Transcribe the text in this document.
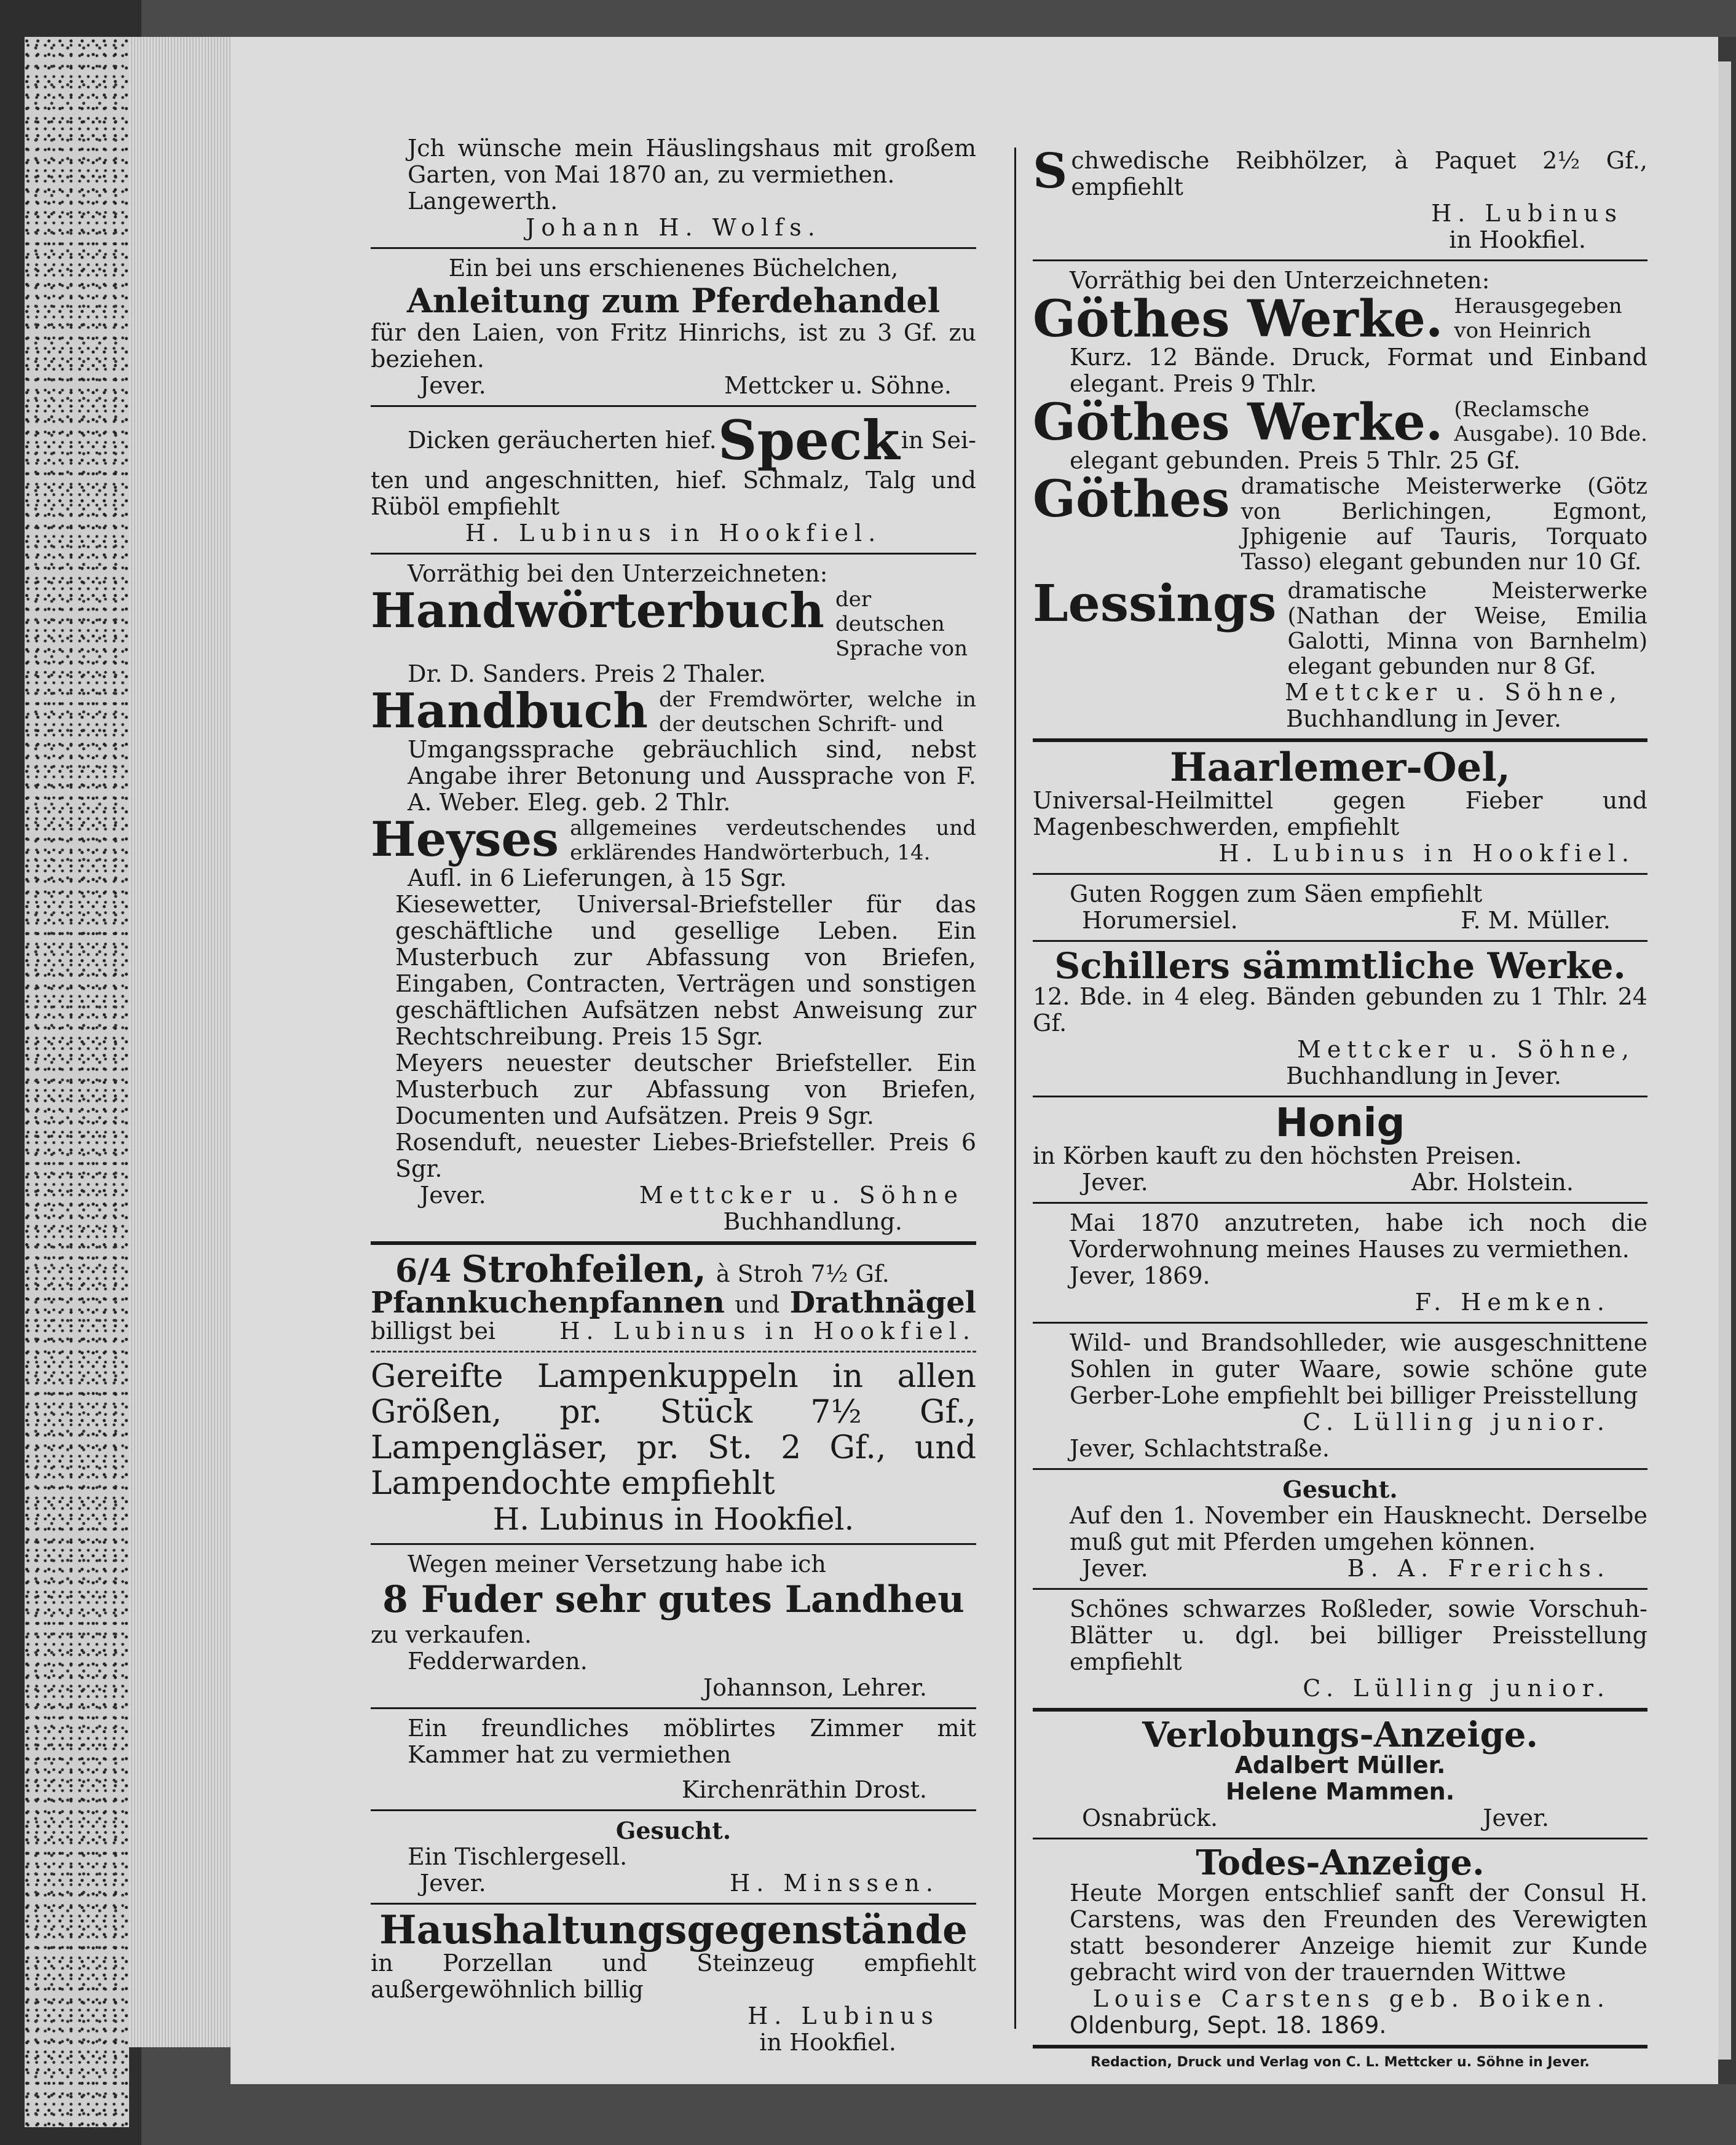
Jch wünsche mein Häuslingshaus mit großem Garten, von Mai 1870 an, zu vermiethen.
Langewerth.
Johann H. Wolfs.
Ein bei uns erschienenes Büchelchen,
Anleitung zum Pferdehandel
für den Laien, von Fritz Hinrichs, ist zu 3 Gf. zu beziehen.
Jever.	Mettcker u. Söhne.
Dicken geräucherten hief. Speck in Sei-
ten und angeschnitten, hief. Schmalz, Talg und Rüböl empfiehlt
H. Lubinus in Hookfiel.
Vorräthig bei den Unterzeichneten:
Handwörterbuch der deutschen Sprache von
Dr. D. Sanders. Preis 2 Thaler.
Handbuch der Fremdwörter, welche in der deutschen Schrift- und
Umgangssprache gebräuchlich sind, nebst Angabe ihrer Betonung und Aussprache von F. A. Weber. Eleg. geb. 2 Thlr.
Heyses allgemeines verdeutschendes und erklärendes Handwörterbuch, 14.
Aufl. in 6 Lieferungen, à 15 Sgr.
Kiesewetter, Universal-Briefsteller für das geschäftliche und gesellige Leben. Ein Musterbuch zur Abfassung von Briefen, Eingaben, Contracten, Verträgen und sonstigen geschäftlichen Aufsätzen nebst Anweisung zur Rechtschreibung. Preis 15 Sgr.
Meyers neuester deutscher Briefsteller. Ein Musterbuch zur Abfassung von Briefen, Documenten und Aufsätzen. Preis 9 Sgr.
Rosenduft, neuester Liebes-Briefsteller. Preis 6 Sgr.
Jever.	Mettcker u. Söhne
Buchhandlung.
6/4 Strohfeilen, à Stroh 7½ Gf.
Pfannkuchenpfannen und Drathnägel
billigst bei	H. Lubinus in Hookfiel.
Gereifte Lampenkuppeln in allen Größen, pr. Stück 7½ Gf., Lampengläser, pr. St. 2 Gf., und Lampendochte empfiehlt
H. Lubinus in Hookfiel.
Wegen meiner Versetzung habe ich
8 Fuder sehr gutes Landheu
zu verkaufen.
Fedderwarden.
Johannson, Lehrer.
Ein freundliches möblirtes Zimmer mit Kammer hat zu vermiethen
Kirchenräthin Drost.
Gesucht.
Ein Tischlergesell.
Jever.	H. Minssen.
Haushaltungsgegenstände
in Porzellan und Steinzeug empfiehlt außergewöhnlich billig
H. Lubinus
in Hookfiel.
S chwedische Reibhölzer, à Paquet 2½ Gf., empfiehlt
H. Lubinus
in Hookfiel.
Vorräthig bei den Unterzeichneten:
Göthes Werke. Herausgegeben von Heinrich
Kurz. 12 Bände. Druck, Format und Einband elegant. Preis 9 Thlr.
Göthes Werke. (Reclamsche Ausgabe). 10 Bde.
elegant gebunden. Preis 5 Thlr. 25 Gf.
Göthes dramatische Meisterwerke (Götz von Berlichingen, Egmont, Jphigenie auf Tauris, Torquato Tasso) elegant gebunden nur 10 Gf.
Lessings dramatische Meisterwerke (Nathan der Weise, Emilia Galotti, Minna von Barnhelm) elegant gebunden nur 8 Gf.
Mettcker u. Söhne,
Buchhandlung in Jever.
Haarlemer-Oel,
Universal-Heilmittel gegen Fieber und Magenbeschwerden, empfiehlt
H. Lubinus in Hookfiel.
Guten Roggen zum Säen empfiehlt
Horumersiel.	F. M. Müller.
Schillers sämmtliche Werke.
12. Bde. in 4 eleg. Bänden gebunden zu 1 Thlr. 24 Gf.
Mettcker u. Söhne,
Buchhandlung in Jever.
Honig
in Körben kauft zu den höchsten Preisen.
Jever.	Abr. Holstein.
Mai 1870 anzutreten, habe ich noch die Vorderwohnung meines Hauses zu vermiethen.
Jever, 1869.
F. Hemken.
Wild- und Brandsohlleder, wie ausgeschnittene Sohlen in guter Waare, sowie schöne gute Gerber-Lohe empfiehlt bei billiger Preisstellung
C. Lülling junior.
Jever, Schlachtstraße.
Gesucht.
Auf den 1. November ein Hausknecht. Derselbe muß gut mit Pferden umgehen können.
Jever.	B. A. Frerichs.
Schönes schwarzes Roßleder, sowie Vorschuh-Blätter u. dgl. bei billiger Preisstellung empfiehlt
C. Lülling junior.
Verlobungs-Anzeige.
Adalbert Müller.
Helene Mammen.
Osnabrück.	Jever.
Todes-Anzeige.
Heute Morgen entschlief sanft der Consul H. Carstens, was den Freunden des Verewigten statt besonderer Anzeige hiemit zur Kunde gebracht wird von der trauernden Wittwe
Louise Carstens geb. Boiken.
Oldenburg, Sept. 18. 1869.
Redaction, Druck und Verlag von C. L. Mettcker u. Söhne in Jever.
